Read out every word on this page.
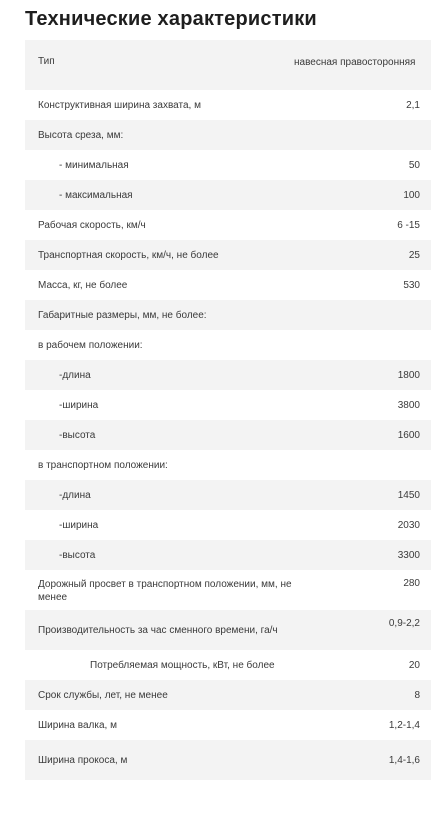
Технические характеристики
Тип	навесная правосторонняя
Конструктивная ширина захвата, м	2,1
Высота среза, мм:	
- минимальная	50
- максимальная	100
Рабочая скорость, км/ч	6 -15
Транспортная скорость, км/ч, не более	25
Масса, кг, не более	530
Габаритные размеры, мм, не более:	
в рабочем положении:	
-длина	1800
-ширина	3800
-высота	1600
в транспортном положении:	
-длина	1450
-ширина	2030
-высота	3300
Дорожный просвет в транспортном положении, мм, не менее	280
Производительность за час сменного времени, га/ч	0,9-2,2
Потребляемая мощность, кВт, не более	20
Срок службы, лет, не менее	8
Ширина валка, м	1,2-1,4
Ширина прокоса, м	1,4-1,6
